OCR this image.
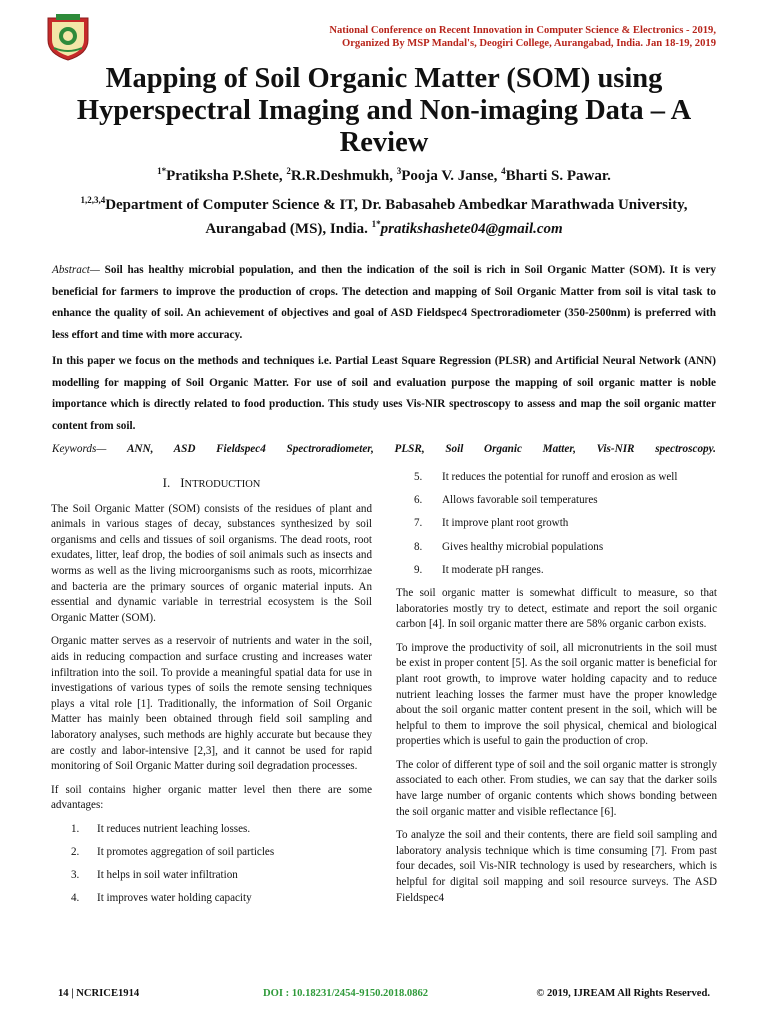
National Conference on Recent Innovation in Computer Science & Electronics - 2019,
Organized By MSP Mandal's, Deogiri College, Aurangabad, India. Jan 18-19, 2019
Mapping of Soil Organic Matter (SOM) using Hyperspectral Imaging and Non-imaging Data – A Review
$^{1*}$Pratiksha P.Shete, $^2$R.R.Deshmukh, $^3$Pooja V. Janse, $^4$Bharti S. Pawar.
$^{1,2,3,4}$Department of Computer Science & IT, Dr. Babasaheb Ambedkar Marathwada University,
Aurangabad (MS), India. $^{1*}$pratikshashete04@gmail.com

Abstract— Soil has healthy microbial population, and then the indication of the soil is rich in Soil Organic Matter (SOM). It is very beneficial for farmers to improve the production of crops. The detection and mapping of Soil Organic Matter from soil is vital task to enhance the quality of soil. An achievement of objectives and goal of ASD Fieldspec4 Spectroradiometer (350-2500nm) is preferred with less effort and time with more accuracy.

In this paper we focus on the methods and techniques i.e. Partial Least Square Regression (PLSR) and Artificial Neural Network (ANN) modelling for mapping of Soil Organic Matter. For use of soil and evaluation purpose the mapping of soil organic matter is noble importance which is directly related to food production. This study uses Vis-NIR spectroscopy to assess and map the soil organic matter content from soil.

Keywords— ANN, ASD Fieldspec4 Spectroradiometer, PLSR, Soil Organic Matter, Vis-NIR spectroscopy.
I. INTRODUCTION

The Soil Organic Matter (SOM) consists of the residues of plant and animals in various stages of decay, substances synthesized by soil organisms and cells and tissues of soil organisms. The dead roots, root exudates, litter, leaf drop, the bodies of soil animals such as insects and worms as well as the living microorganisms such as roots, micorrhizae and bacteria are the primary sources of organic material inputs. An essential and dynamic variable in terrestrial ecosystem is the Soil Organic Matter (SOM).

Organic matter serves as a reservoir of nutrients and water in the soil, aids in reducing compaction and surface crusting and increases water infiltration into the soil. To provide a meaningful spatial data for use in investigations of various types of soils the remote sensing techniques plays a vital role [1]. Traditionally, the information of Soil Organic Matter has mainly been obtained through field soil sampling and laboratory analyses, such methods are highly accurate but because they are costly and labor-intensive [2,3], and it cannot be used for rapid monitoring of Soil Organic Matter during soil degradation processes.

If soil contains higher organic matter level then there are some advantages:

1.	It reduces nutrient leaching losses.
2.	It promotes aggregation of soil particles
3.	It helps in soil water infiltration
4.	It improves water holding capacity
5.	It reduces the potential for runoff and erosion as well
6.	Allows favorable soil temperatures
7.	It improve plant root growth
8.	Gives healthy microbial populations
9.	It moderate pH ranges.

The soil organic matter is somewhat difficult to measure, so that laboratories mostly try to detect, estimate and report the soil organic carbon [4]. In soil organic matter there are 58% organic carbon exists.

To improve the productivity of soil, all micronutrients in the soil must be exist in proper content [5]. As the soil organic matter is beneficial for plant root growth, to improve water holding capacity and to reduce nutrient leaching losses the farmer must have the proper knowledge about the soil organic matter content present in the soil, which will be helpful to them to improve the soil physical, chemical and biological properties which is useful to gain the production of crop.

The color of different type of soil and the soil organic matter is strongly associated to each other. From studies, we can say that the darker soils have large number of organic contents which shows bonding between the soil organic matter and visible reflectance [6].

To analyze the soil and their contents, there are field soil sampling and laboratory analysis technique which is time consuming [7]. From past four decades, soil Vis-NIR technology is used by researchers, which is helpful for digital soil mapping and soil resource surveys. The ASD Fieldspec4

14 | NCRICE1914	DOI : 10.18231/2454-9150.2018.0862	© 2019, IJREAM All Rights Reserved.
